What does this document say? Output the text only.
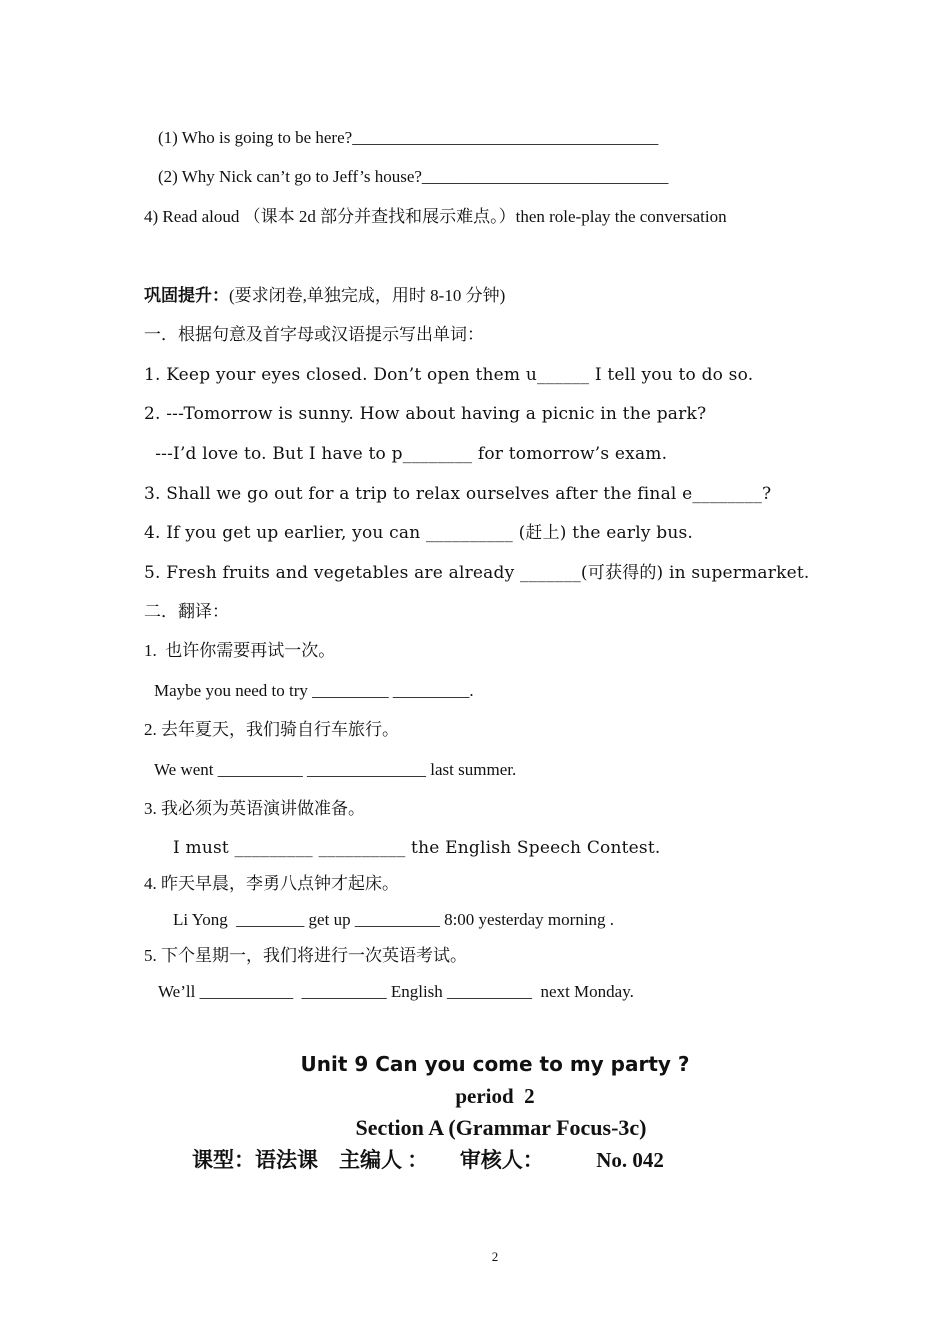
(1) Who is going to be here?____________________________________
(2) Why Nick can’t go to Jeff’s house?_____________________________
4) Read aloud （课本 2d 部分并查找和展示难点。）then role-play the conversation
巩固提升：(要求闭卷,单独完成，用时 8-10 分钟)
一．根据句意及首字母或汉语提示写出单词：
1. Keep your eyes closed. Don’t open them u______ I tell you to do so.
2. ---Tomorrow is sunny. How about having a picnic in the park?
---I’d love to. But I have to p________ for tomorrow’s exam.
3. Shall we go out for a trip to relax ourselves after the final e________?
4. If you get up earlier, you can __________ (赶上) the early bus.
5. Fresh fruits and vegetables are already _______(可获得的) in supermarket.
二．翻译：
1.  也许你需要再试一次。
Maybe you need to try _________ _________.
2. 去年夏天，我们骑自行车旅行。
We went __________ ______________ last summer.
3. 我必须为英语演讲做准备。
I must _________ __________ the English Speech Contest.
4. 昨天早晨，李勇八点钟才起床。
Li Yong  ________ get up __________ 8:00 yesterday morning .
5. 下个星期一，我们将进行一次英语考试。
We’ll ___________  __________ English __________  next Monday.
Unit 9 Can you come to my party ?
period  2
Section A (Grammar Focus-3c)
课型：语法课    主编人 ：      审核人：          No. 042
2
